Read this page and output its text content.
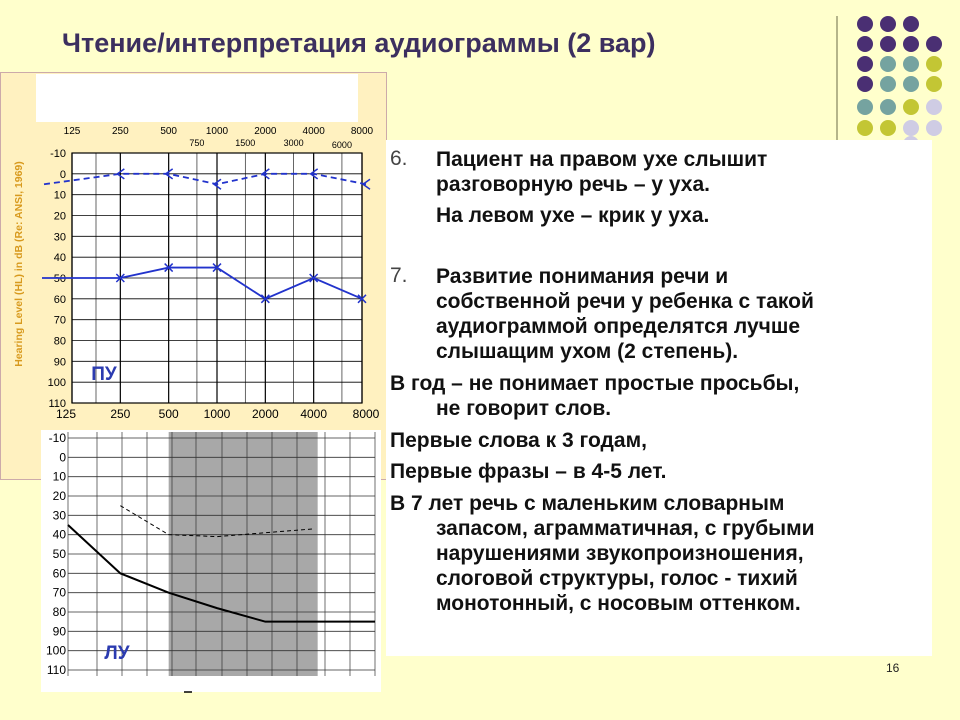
Чтение/интерпретация аудиограммы (2 вар)
Hearing Level (HL) in dB (Re: ANSI, 1969)
-10
0
10
20
30
40
50
60
70
80
90
100
110
125	250	500	1000	2000	4000	8000
750	1500	3000	6000
125	250 500 1000 2000 4000 8000
ПУ
-10
0
10
20
30
40
50
60
70
80
90
100
110
ЛУ
6. Пациент на правом ухе слышит
разговорную речь – у уха.
На левом ухе – крик у уха.
7. Развитие понимания речи и
собственной речи у ребенка с такой
аудиограммой определятся лучше
слышащим ухом (2 степень).
В год – не понимает простые просьбы,
не говорит слов.
Первые слова к 3 годам,
Первые фразы – в 4-5 лет.
В 7 лет речь с маленьким словарным
запасом, аграмматичная, с грубыми
нарушениями звукопроизношения,
слоговой структуры, голос - тихий
монотонный, с носовым оттенком.
16
